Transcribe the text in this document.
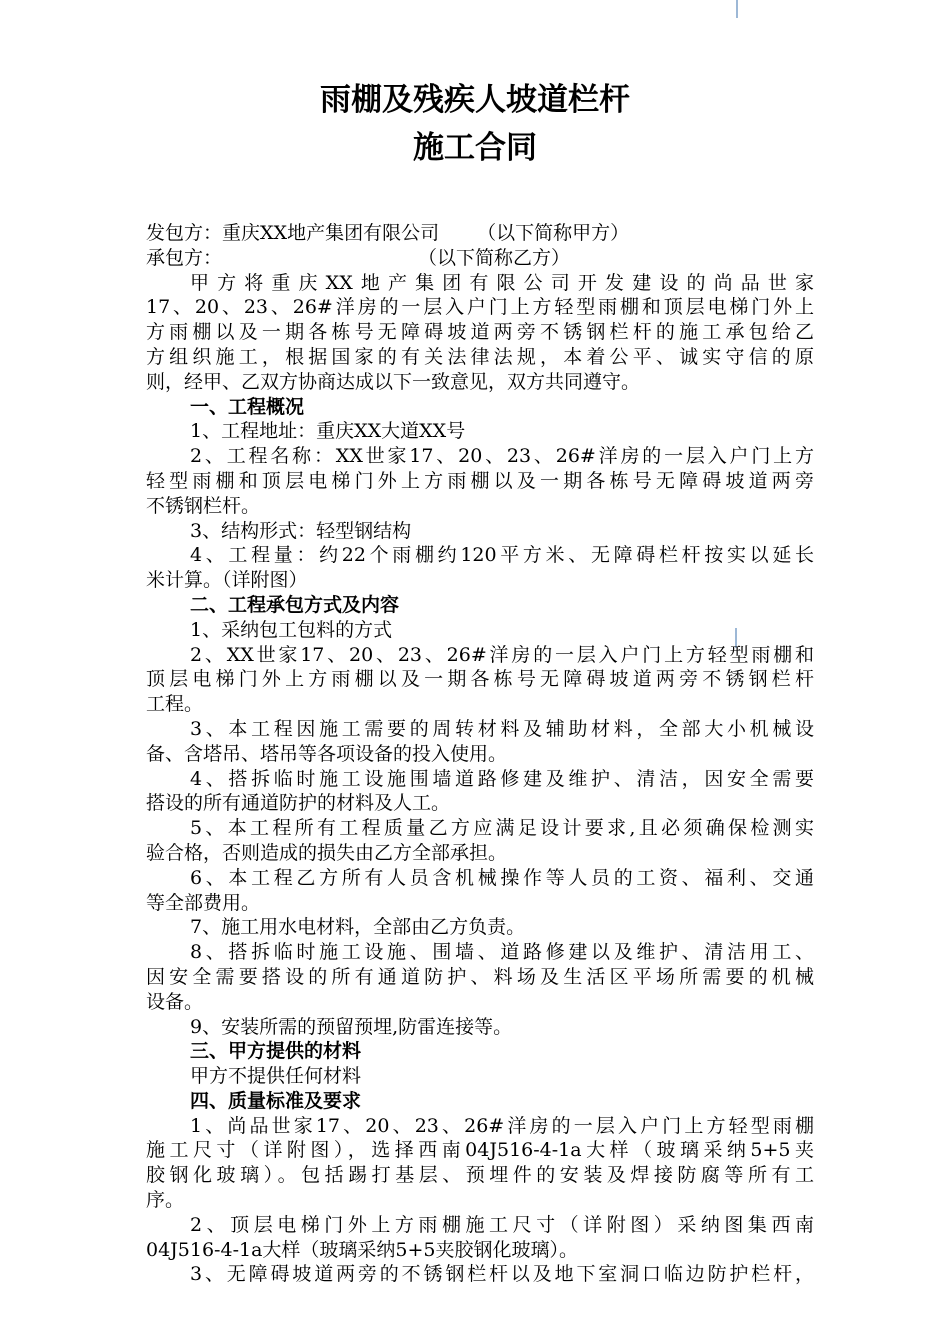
雨棚及残疾人坡道栏杆
施工合同
发包方：重庆XX地产集团有限公司 （以下简称甲方）
承包方：	（以下简称乙方）
甲方将重庆XX地产集团有限公司开发建设的尚品世家
17、20、23、26#洋房的一层入户门上方轻型雨棚和顶层电梯门外上
方雨棚以及一期各栋号无障碍坡道两旁不锈钢栏杆的施工承包给乙
方组织施工，根据国家的有关法律法规，本着公平、诚实守信的原
则，经甲、乙双方协商达成以下一致意见，双方共同遵守。
一、工程概况
1、工程地址：重庆XX大道XX号
2、工程名称：XX世家17、20、23、26#洋房的一层入户门上方
轻型雨棚和顶层电梯门外上方雨棚以及一期各栋号无障碍坡道两旁
不锈钢栏杆。
3、结构形式：轻型钢结构
4、工程量：约22个雨棚约120平方米、无障碍栏杆按实以延长
米计算。（详附图）
二、工程承包方式及内容
1、采纳包工包料的方式
2、XX世家17、20、23、26#洋房的一层入户门上方轻型雨棚和
顶层电梯门外上方雨棚以及一期各栋号无障碍坡道两旁不锈钢栏杆
工程。
3、本工程因施工需要的周转材料及辅助材料，全部大小机械设
备、含塔吊、塔吊等各项设备的投入使用。
4、搭拆临时施工设施围墙道路修建及维护、清洁，因安全需要
搭设的所有通道防护的材料及人工。
5、本工程所有工程质量乙方应满足设计要求,且必须确保检测实
验合格，否则造成的损失由乙方全部承担。
6、本工程乙方所有人员含机械操作等人员的工资、福利、交通
等全部费用。
7、施工用水电材料，全部由乙方负责。
8、搭拆临时施工设施、围墙、道路修建以及维护、清洁用工、
因安全需要搭设的所有通道防护、料场及生活区平场所需要的机械
设备。
9、安装所需的预留预埋,防雷连接等。
三、甲方提供的材料
甲方不提供任何材料
四、质量标准及要求
1、尚品世家17、20、23、26#洋房的一层入户门上方轻型雨棚
施工尺寸（详附图），选择西南04J516-4-1a大样（玻璃采纳5+5夹
胶钢化玻璃）。包括踢打基层、预埋件的安装及焊接防腐等所有工
序。
2、顶层电梯门外上方雨棚施工尺寸（详附图）采纳图集西南
04J516-4-1a大样（玻璃采纳5+5夹胶钢化玻璃）。
3、无障碍坡道两旁的不锈钢栏杆以及地下室洞口临边防护栏杆，
